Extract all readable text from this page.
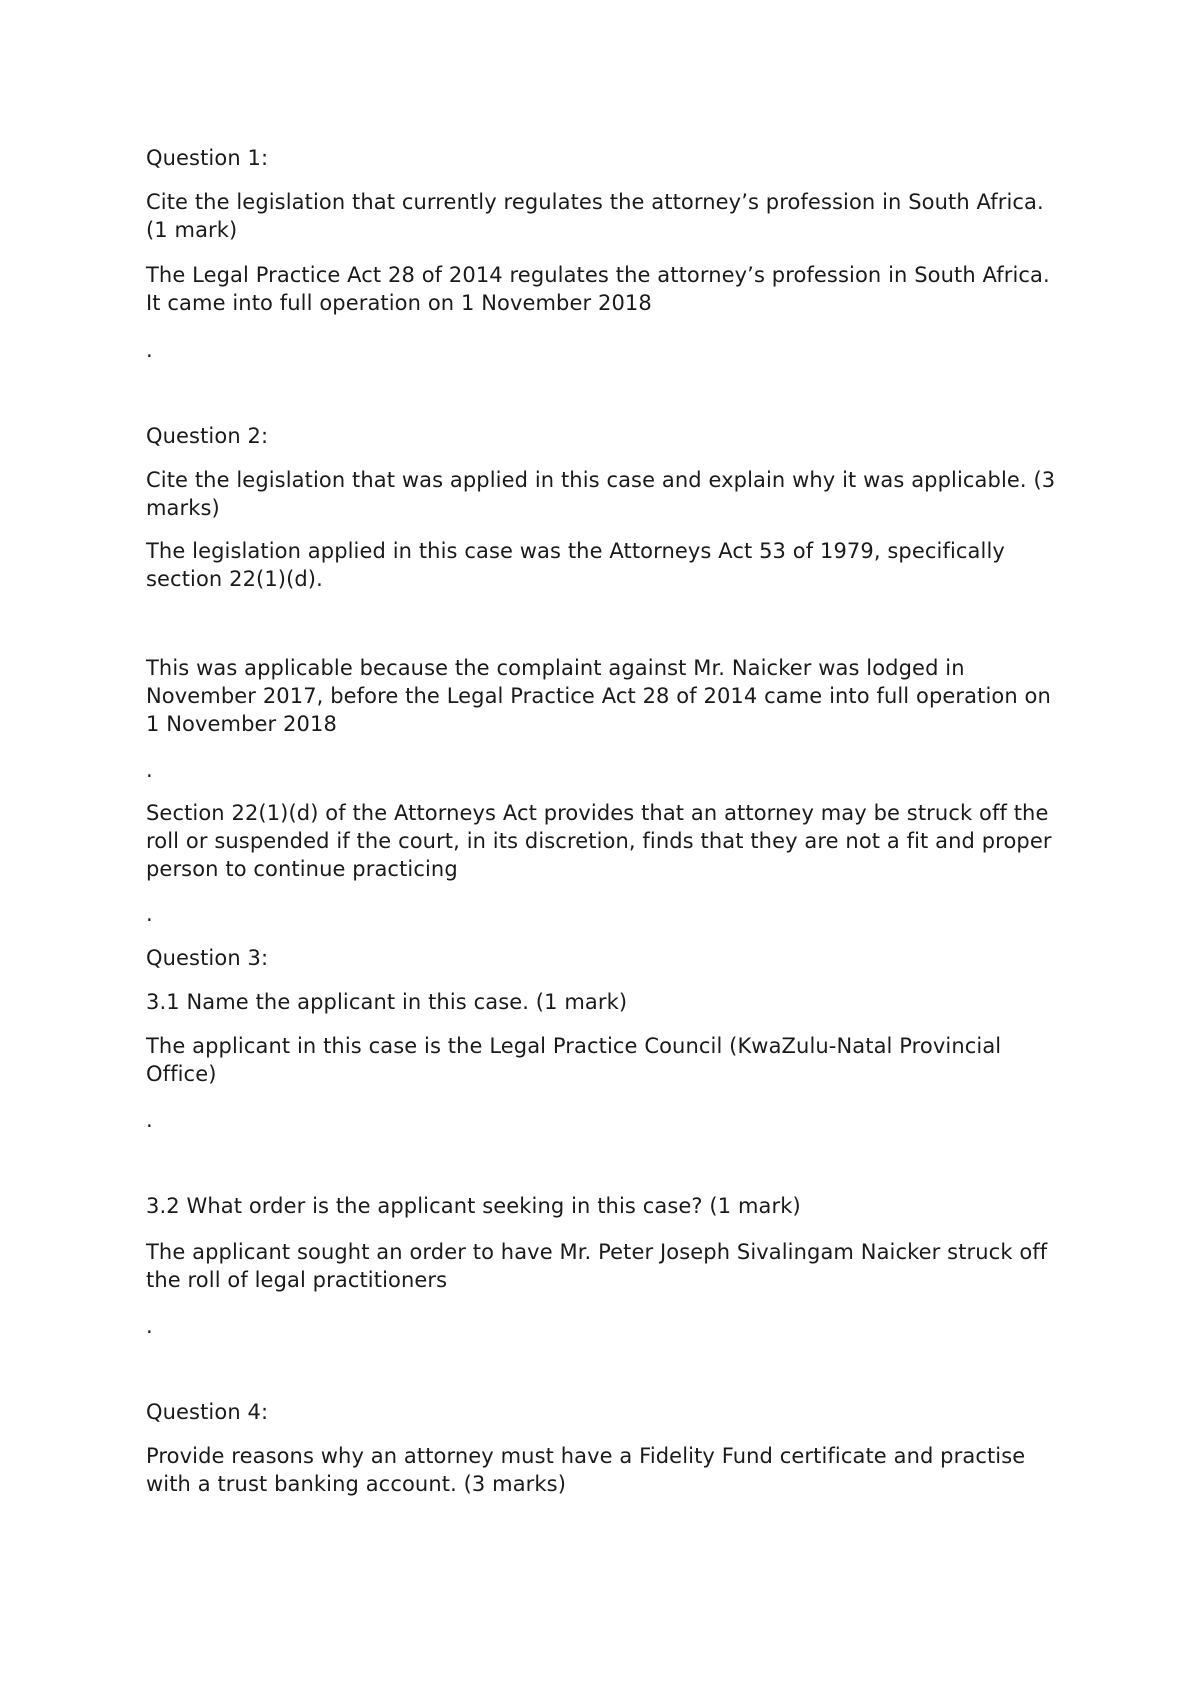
Question 1:
Cite the legislation that currently regulates the attorney’s profession in South Africa. (1 mark)
The Legal Practice Act 28 of 2014 regulates the attorney’s profession in South Africa. It came into full operation on 1 November 2018
.
Question 2:
Cite the legislation that was applied in this case and explain why it was applicable. (3 marks)
The legislation applied in this case was the Attorneys Act 53 of 1979, specifically section 22(1)(d).
This was applicable because the complaint against Mr. Naicker was lodged in November 2017, before the Legal Practice Act 28 of 2014 came into full operation on 1 November 2018
.
Section 22(1)(d) of the Attorneys Act provides that an attorney may be struck off the roll or suspended if the court, in its discretion, finds that they are not a fit and proper person to continue practicing
.
Question 3:
3.1 Name the applicant in this case. (1 mark)
The applicant in this case is the Legal Practice Council (KwaZulu-Natal Provincial Office)
.
3.2 What order is the applicant seeking in this case? (1 mark)
The applicant sought an order to have Mr. Peter Joseph Sivalingam Naicker struck off the roll of legal practitioners
.
Question 4:
Provide reasons why an attorney must have a Fidelity Fund certificate and practise with a trust banking account. (3 marks)
